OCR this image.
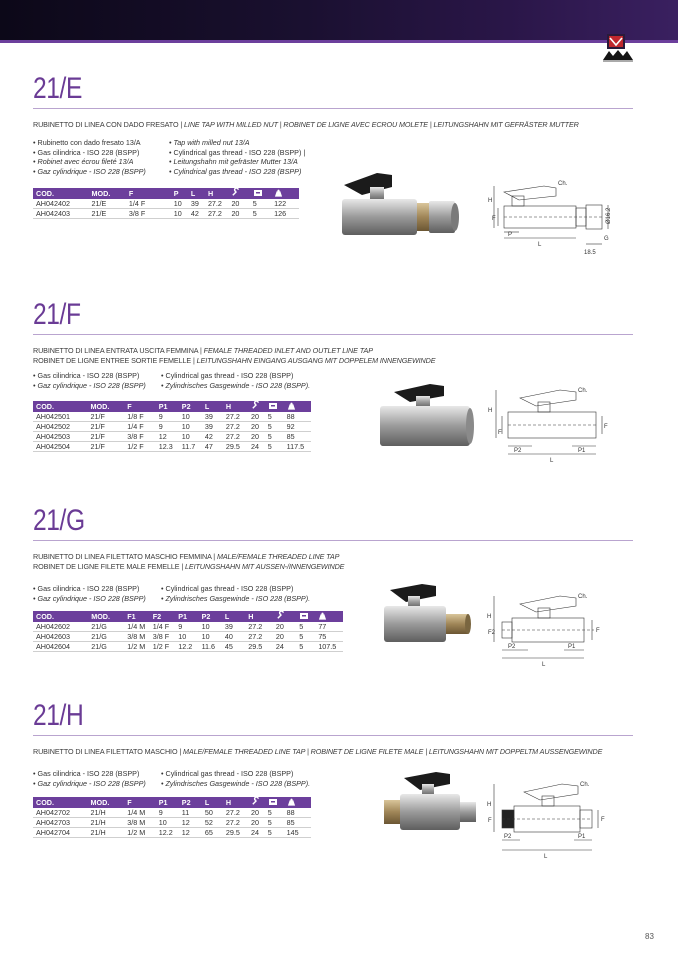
21/E
RUBINETTO DI LINEA CON DADO FRESATO | LINE TAP WITH MILLED NUT | ROBINET DE LIGNE AVEC ECROU MOLETE | LEITUNGSHAHN MIT GEFRÄSTER MUTTER
• Rubinetto con dado fresato 13/A
• Gas cilindrica - ISO 228 (BSPP)
• Robinet avec écrou fileté 13/A
• Gaz cylindrique - ISO 228 (BSPP)
• Tap with milled nut 13/A
• Cylindrical gas thread - ISO 228 (BSPP) |
• Leitungshahn mit gefräster Mutter 13/A
• Cylindrical gas thread - ISO 228 (BSPP)
COD.	MOD.	F	P	L	H			
AH042402	21/E	1/4 F	10	39	27.2	20	5	122
AH042403	21/E	3/8 F	10	42	27.2	20	5	126
H
Ch.
F
P
L
Ø16.2
G
18.5
21/F
RUBINETTO DI LINEA ENTRATA USCITA FEMMINA | FEMALE THREADED INLET AND OUTLET LINE TAP
ROBINET DE LIGNE ENTREE SORTIE FEMELLE | LEITUNGSHAHN EINGANG AUSGANG MIT DOPPELEM INNENGEWINDE
• Gas cilindrica - ISO 228 (BSPP)
• Gaz cylindrique - ISO 228 (BSPP)
• Cylindrical gas thread - ISO 228 (BSPP)
• Zylindrisches Gasgewinde - ISO 228 (BSPP).
COD.	MOD.	F	P1	P2	L	H			
AH042501	21/F	1/8 F	9	10	39	27.2	20	5	88
AH042502	21/F	1/4 F	9	10	39	27.2	20	5	92
AH042503	21/F	3/8 F	12	10	42	27.2	20	5	85
AH042504	21/F	1/2 F	12.3	11.7	47	29.5	24	5	117.5
H
Ch.
F
F
P2	P1
L
21/G
RUBINETTO DI LINEA FILETTATO MASCHIO FEMMINA | MALE/FEMALE THREADED LINE TAP
ROBINET DE LIGNE FILETE MALE FEMELLE | LEITUNGSHAHN MIT AUSSEN-/INNENGEWINDE
• Gas cilindrica - ISO 228 (BSPP)
• Gaz cylindrique - ISO 228 (BSPP)
• Cylindrical gas thread - ISO 228 (BSPP)
• Zylindrisches Gasgewinde - ISO 228 (BSPP).
COD.	MOD.	F1	F2	P1	P2	L	H			
AH042602	21/G	1/4 M	1/4 F	9	10	39	27.2	20	5	77
AH042603	21/G	3/8 M	3/8 F	10	10	40	27.2	20	5	75
AH042604	21/G	1/2 M	1/2 F	12.2	11.6	45	29.5	24	5	107.5
H
Ch.
F2	F
P2	P1
L
21/H
RUBINETTO DI LINEA FILETTATO MASCHIO | MALE/FEMALE THREADED LINE TAP | ROBINET DE LIGNE FILETE MALE | LEITUNGSHAHN MIT DOPPELTM AUSSENGEWINDE
• Gas cilindrica - ISO 228 (BSPP)
• Gaz cylindrique - ISO 228 (BSPP)
• Cylindrical gas thread - ISO 228 (BSPP)
• Zylindrisches Gasgewinde - ISO 228 (BSPP).
COD.	MOD.	F	P1	P2	L	H			
AH042702	21/H	1/4 M	9	11	50	27.2	20	5	88
AH042703	21/H	3/8 M	10	12	52	27.2	20	5	85
AH042704	21/H	1/2 M	12.2	12	65	29.5	24	5	145
H
Ch.
F	F
P2	P1
L
83
